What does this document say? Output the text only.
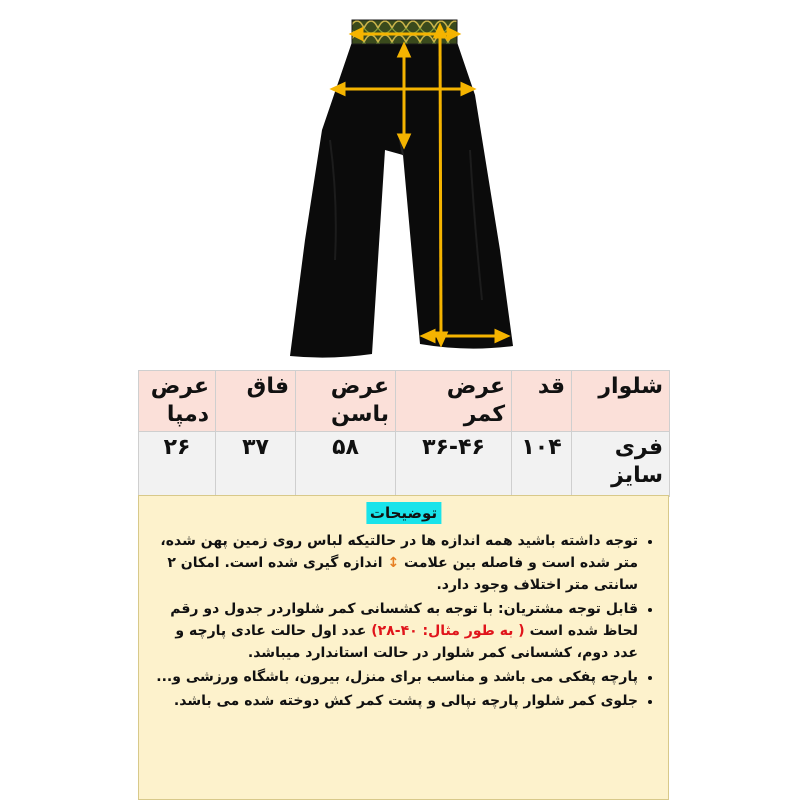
شلوار	قد	عرض کمر	عرض باسن	فاق	عرض دمپا
فری سایز	۱۰۴	۳۶-۴۶	۵۸	۳۷	۲۶
توضیحات
• توجه داشته باشید همه اندازه ها در حالتیکه لباس روی زمین پهن شده، متر شده است و فاصله بین علامت ↕ اندازه گیری شده است. امکان ۲ سانتی متر اختلاف وجود دارد.
• قابل توجه مشتریان: با توجه به کشسانی کمر شلواردر جدول دو رقم لحاظ شده است ( به طور مثال: ۴۰-۲۸) عدد اول حالت عادی پارچه و عدد دوم، کشسانی کمر شلوار در حالت استاندارد میباشد.
• پارچه پفکی می باشد و مناسب برای منزل، بیرون، باشگاه ورزشی و...
• جلوی کمر شلوار پارچه نپالی و پشت کمر کش دوخته شده می باشد.
